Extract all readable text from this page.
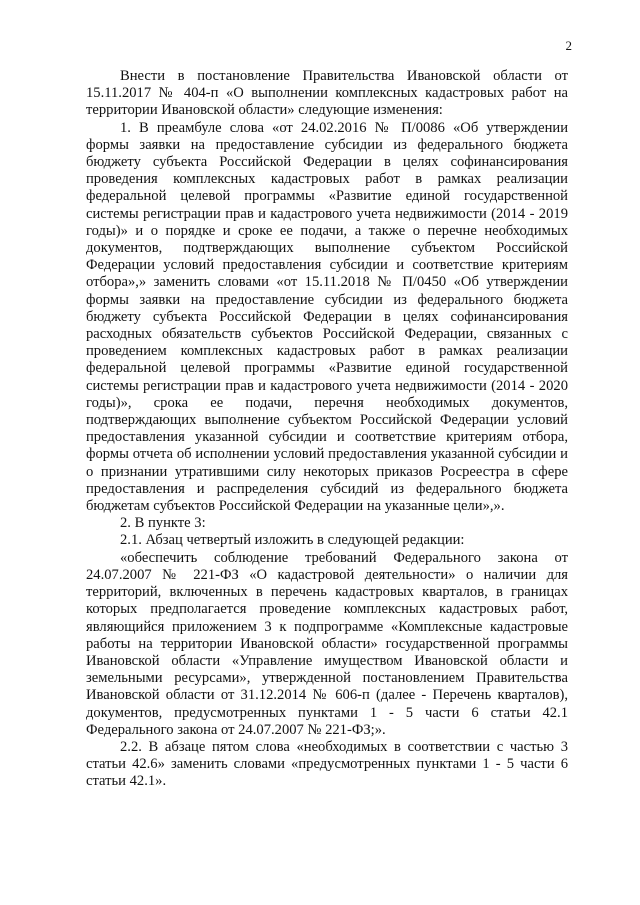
2

Внести в постановление Правительства Ивановской области от 15.11.2017 № 404-п «О выполнении комплексных кадастровых работ на территории Ивановской области» следующие изменения:

1. В преамбуле слова «от 24.02.2016 № П/0086 «Об утверждении формы заявки на предоставление субсидии из федерального бюджета бюджету субъекта Российской Федерации в целях софинансирования проведения комплексных кадастровых работ в рамках реализации федеральной целевой программы «Развитие единой государственной системы регистрации прав и кадастрового учета недвижимости (2014 - 2019 годы)» и о порядке и сроке ее подачи, а также о перечне необходимых документов, подтверждающих выполнение субъектом Российской Федерации условий предоставления субсидии и соответствие критериям отбора»,» заменить словами «от 15.11.2018 № П/0450 «Об утверждении формы заявки на предоставление субсидии из федерального бюджета бюджету субъекта Российской Федерации в целях софинансирования расходных обязательств субъектов Российской Федерации, связанных с проведением комплексных кадастровых работ в рамках реализации федеральной целевой программы «Развитие единой государственной системы регистрации прав и кадастрового учета недвижимости (2014 - 2020 годы)», срока ее подачи, перечня необходимых документов, подтверждающих выполнение субъектом Российской Федерации условий предоставления указанной субсидии и соответствие критериям отбора, формы отчета об исполнении условий предоставления указанной субсидии и о признании утратившими силу некоторых приказов Росреестра в сфере предоставления и распределения субсидий из федерального бюджета бюджетам субъектов Российской Федерации на указанные цели»,».

2. В пункте 3:

2.1. Абзац четвертый изложить в следующей редакции:

«обеспечить соблюдение требований Федерального закона от 24.07.2007 № 221-ФЗ «О кадастровой деятельности» о наличии для территорий, включенных в перечень кадастровых кварталов, в границах которых предполагается проведение комплексных кадастровых работ, являющийся приложением 3 к подпрограмме «Комплексные кадастровые работы на территории Ивановской области» государственной программы Ивановской области «Управление имуществом Ивановской области и земельными ресурсами», утвержденной постановлением Правительства Ивановской области от 31.12.2014 № 606-п (далее - Перечень кварталов), документов, предусмотренных пунктами 1 - 5 части 6 статьи 42.1 Федерального закона от 24.07.2007 № 221-ФЗ;».

2.2. В абзаце пятом слова «необходимых в соответствии с частью 3 статьи 42.6» заменить словами «предусмотренных пунктами 1 - 5 части 6 статьи 42.1».
